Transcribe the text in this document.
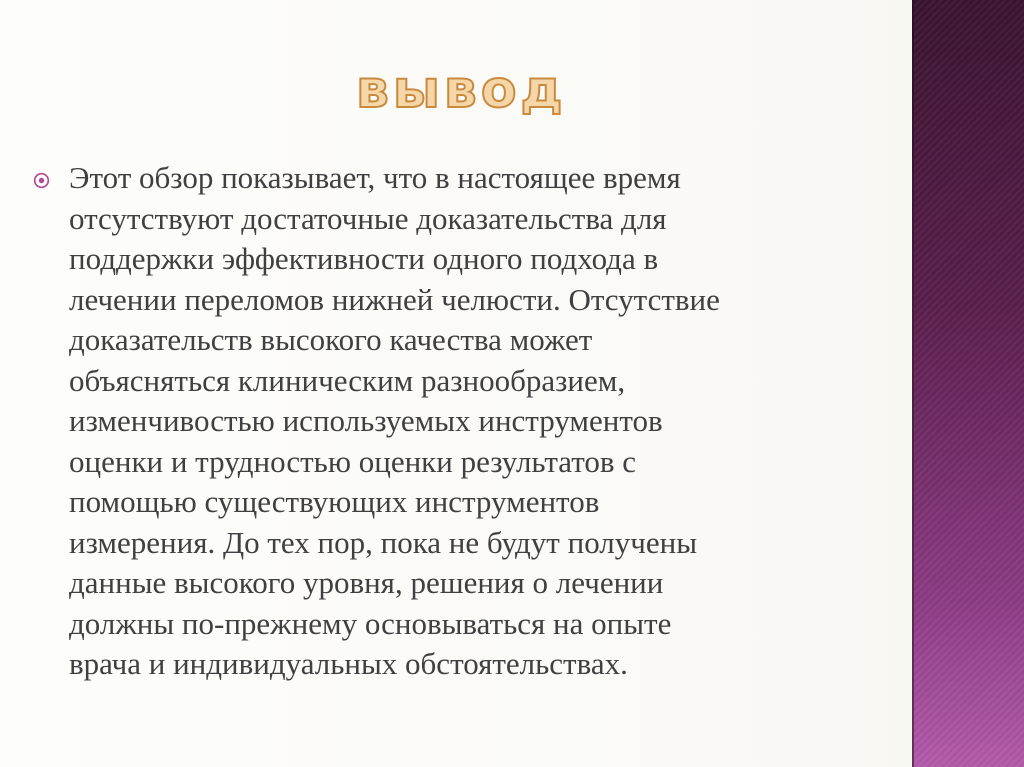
вывод

Этот обзор показывает, что в настоящее время
отсутствуют достаточные доказательства для
поддержки эффективности одного подхода в
лечении переломов нижней челюсти. Отсутствие
доказательств высокого качества может
объясняться клиническим разнообразием,
изменчивостью используемых инструментов
оценки и трудностью оценки результатов с
помощью существующих инструментов
измерения. До тех пор, пока не будут получены
данные высокого уровня, решения о лечении
должны по-прежнему основываться на опыте
врача и индивидуальных обстоятельствах.
